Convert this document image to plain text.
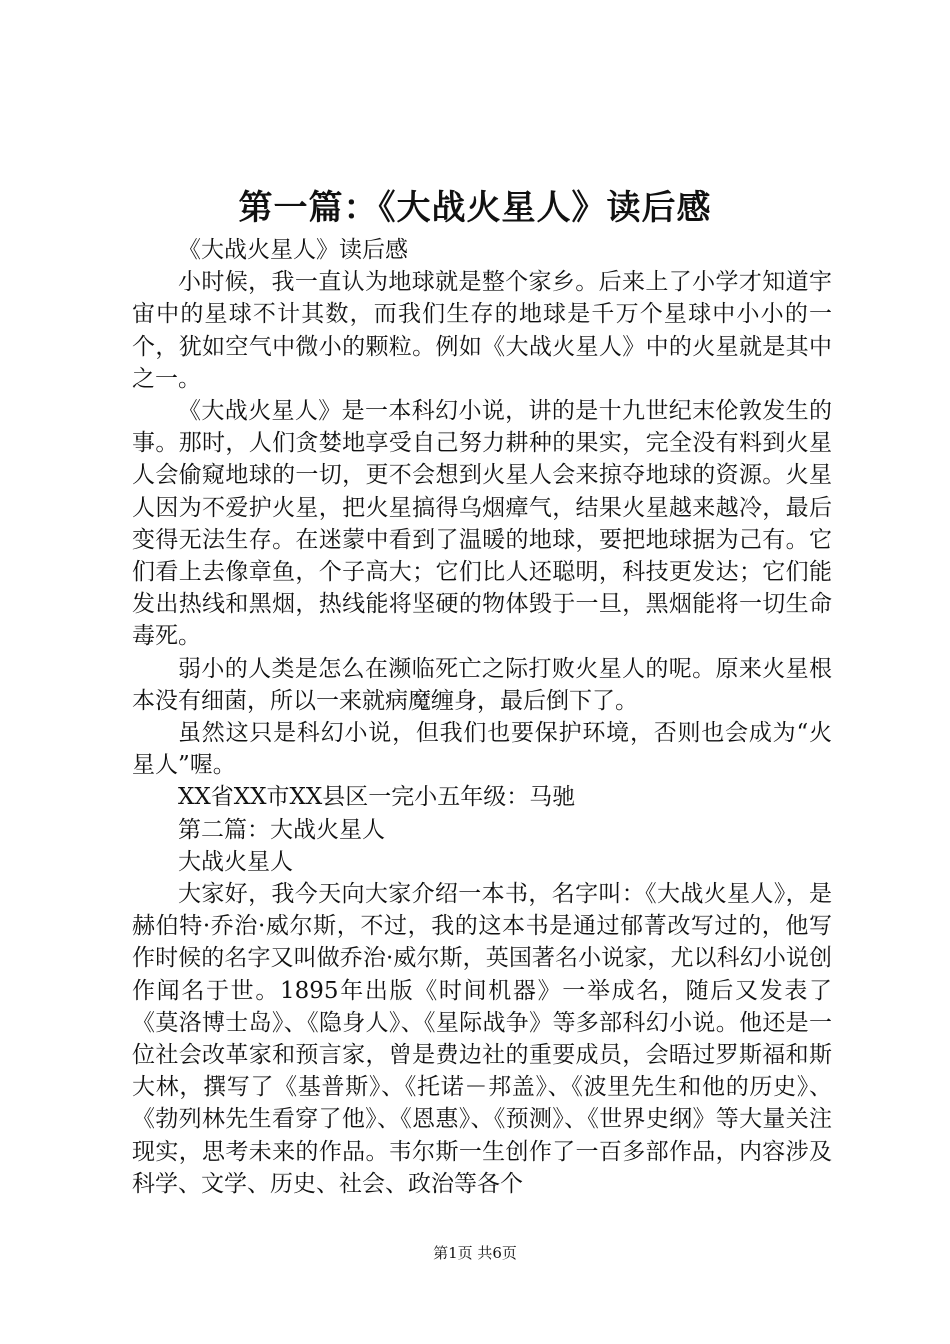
第一篇：《大战火星人》读后感

《大战火星人》读后感

小时候，我一直认为地球就是整个家乡。后来上了小学才知道宇宙中的星球不计其数，而我们生存的地球是千万个星球中小小的一个，犹如空气中微小的颗粒。例如《大战火星人》中的火星就是其中之一。

《大战火星人》是一本科幻小说，讲的是十九世纪末伦敦发生的事。那时，人们贪婪地享受自己努力耕种的果实，完全没有料到火星人会偷窥地球的一切，更不会想到火星人会来掠夺地球的资源。火星人因为不爱护火星，把火星搞得乌烟瘴气，结果火星越来越冷，最后变得无法生存。在迷蒙中看到了温暖的地球，要把地球据为己有。它们看上去像章鱼，个子高大；它们比人还聪明，科技更发达；它们能发出热线和黑烟，热线能将坚硬的物体毁于一旦，黑烟能将一切生命毒死。

弱小的人类是怎么在濒临死亡之际打败火星人的呢。原来火星根本没有细菌，所以一来就病魔缠身，最后倒下了。

虽然这只是科幻小说，但我们也要保护环境，否则也会成为“火星人”喔。

XX省XX市XX县区一完小五年级：马驰

第二篇：大战火星人

大战火星人

大家好，我今天向大家介绍一本书，名字叫：《大战火星人》，是赫伯特·乔治·威尔斯，不过，我的这本书是通过郁菁改写过的，他写作时候的名字又叫做乔治·威尔斯，英国著名小说家，尤以科幻小说创作闻名于世。1895年出版《时间机器》一举成名，随后又发表了《莫洛博士岛》、《隐身人》、《星际战争》等多部科幻小说。他还是一位社会改革家和预言家，曾是费边社的重要成员，会晤过罗斯福和斯大林，撰写了《基普斯》、《托诺－邦盖》、《波里先生和他的历史》、《勃列林先生看穿了他》、《恩惠》、《预测》、《世界史纲》等大量关注现实，思考未来的作品。韦尔斯一生创作了一百多部作品，内容涉及科学、文学、历史、社会、政治等各个

第1页 共6页
